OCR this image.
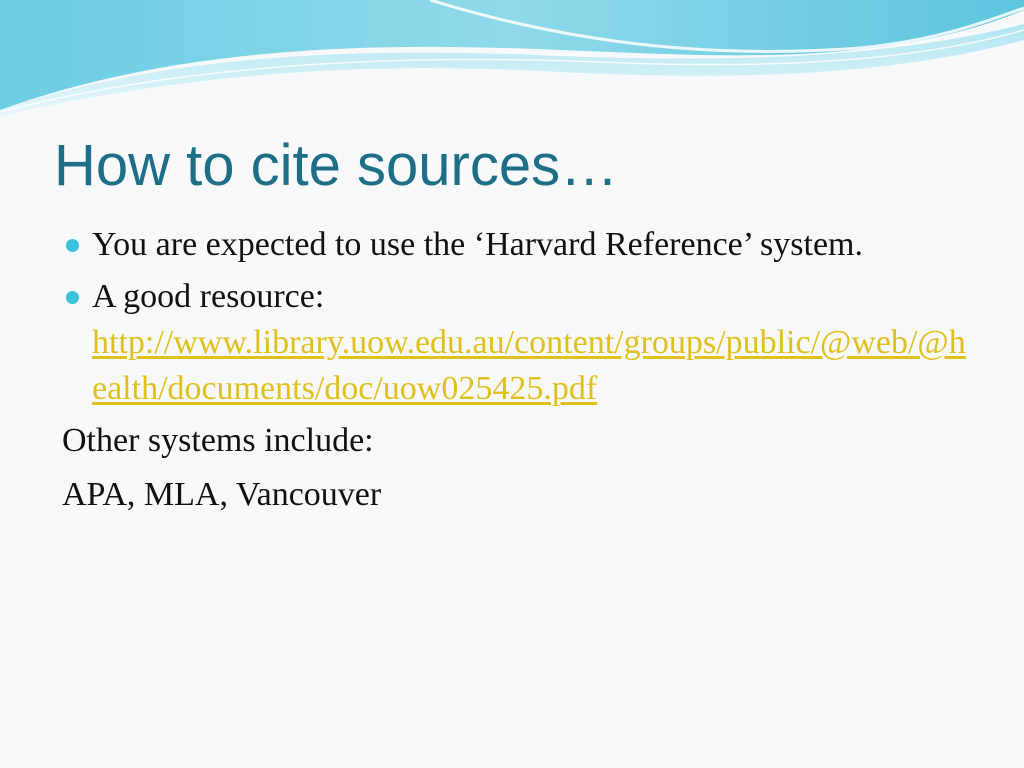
How to cite sources…
You are expected to use the ‘Harvard Reference’ system.
A good resource:
http://www.library.uow.edu.au/content/groups/public/@web/@health/documents/doc/uow025425.pdf
Other systems include:
APA, MLA, Vancouver
